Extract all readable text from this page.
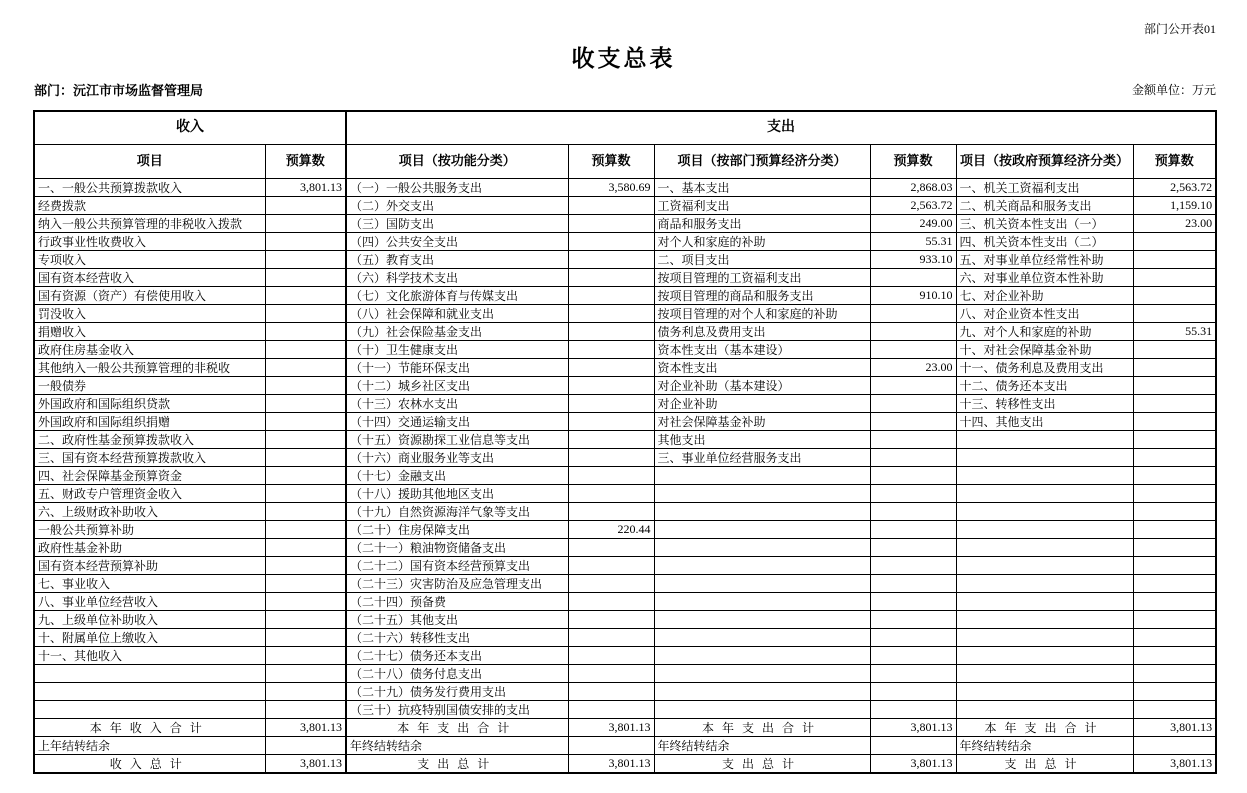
部门公开表01
收支总表
部门：沅江市市场监督管理局	金额单位：万元
收入		支出					
项目	预算数	项目（按功能分类）	预算数	项目（按部门预算经济分类）	预算数	项目（按政府预算经济分类）	预算数
一、一般公共预算拨款收入	3,801.13	（一）一般公共服务支出	3,580.69	一、基本支出	2,868.03	一、机关工资福利支出	2,563.72
经费拨款		（二）外交支出		工资福利支出	2,563.72	二、机关商品和服务支出	1,159.10
纳入一般公共预算管理的非税收入拨款		（三）国防支出		商品和服务支出	249.00	三、机关资本性支出（一）	23.00
行政事业性收费收入		（四）公共安全支出		对个人和家庭的补助	55.31	四、机关资本性支出（二）	
专项收入		（五）教育支出		二、项目支出	933.10	五、对事业单位经常性补助	
国有资本经营收入		（六）科学技术支出		按项目管理的工资福利支出		六、对事业单位资本性补助	
国有资源（资产）有偿使用收入		（七）文化旅游体育与传媒支出		按项目管理的商品和服务支出	910.10	七、对企业补助	
罚没收入		（八）社会保障和就业支出		按项目管理的对个人和家庭的补助		八、对企业资本性支出	
捐赠收入		（九）社会保险基金支出		债务利息及费用支出		九、对个人和家庭的补助	55.31
政府住房基金收入		（十）卫生健康支出		资本性支出（基本建设）		十、对社会保障基金补助	
其他纳入一般公共预算管理的非税收		（十一）节能环保支出		资本性支出	23.00	十一、债务利息及费用支出	
一般债券		（十二）城乡社区支出		对企业补助（基本建设）		十二、债务还本支出	
外国政府和国际组织贷款		（十三）农林水支出		对企业补助		十三、转移性支出	
外国政府和国际组织捐赠		（十四）交通运输支出		对社会保障基金补助		十四、其他支出	
二、政府性基金预算拨款收入		（十五）资源勘探工业信息等支出		其他支出			
三、国有资本经营预算拨款收入		（十六）商业服务业等支出		三、事业单位经营服务支出			
四、社会保障基金预算资金		（十七）金融支出					
五、财政专户管理资金收入		（十八）援助其他地区支出					
六、上级财政补助收入		（十九）自然资源海洋气象等支出					
一般公共预算补助		（二十）住房保障支出	220.44				
政府性基金补助		（二十一）粮油物资储备支出					
国有资本经营预算补助		（二十二）国有资本经营预算支出					
七、事业收入		（二十三）灾害防治及应急管理支出					
八、事业单位经营收入		（二十四）预备费					
九、上级单位补助收入		（二十五）其他支出					
十、附属单位上缴收入		（二十六）转移性支出					
十一、其他收入		（二十七）债务还本支出					
		（二十八）债务付息支出					
		（二十九）债务发行费用支出					
		（三十）抗疫特别国债安排的支出					
本年收入合计	3,801.13	本年支出合计	3,801.13	本年支出合计	3,801.13	本年支出合计	3,801.13
上年结转结余		年终结转结余		年终结转结余		年终结转结余	
收入总计	3,801.13	支出总计	3,801.13	支出总计	3,801.13	支出总计	3,801.13
